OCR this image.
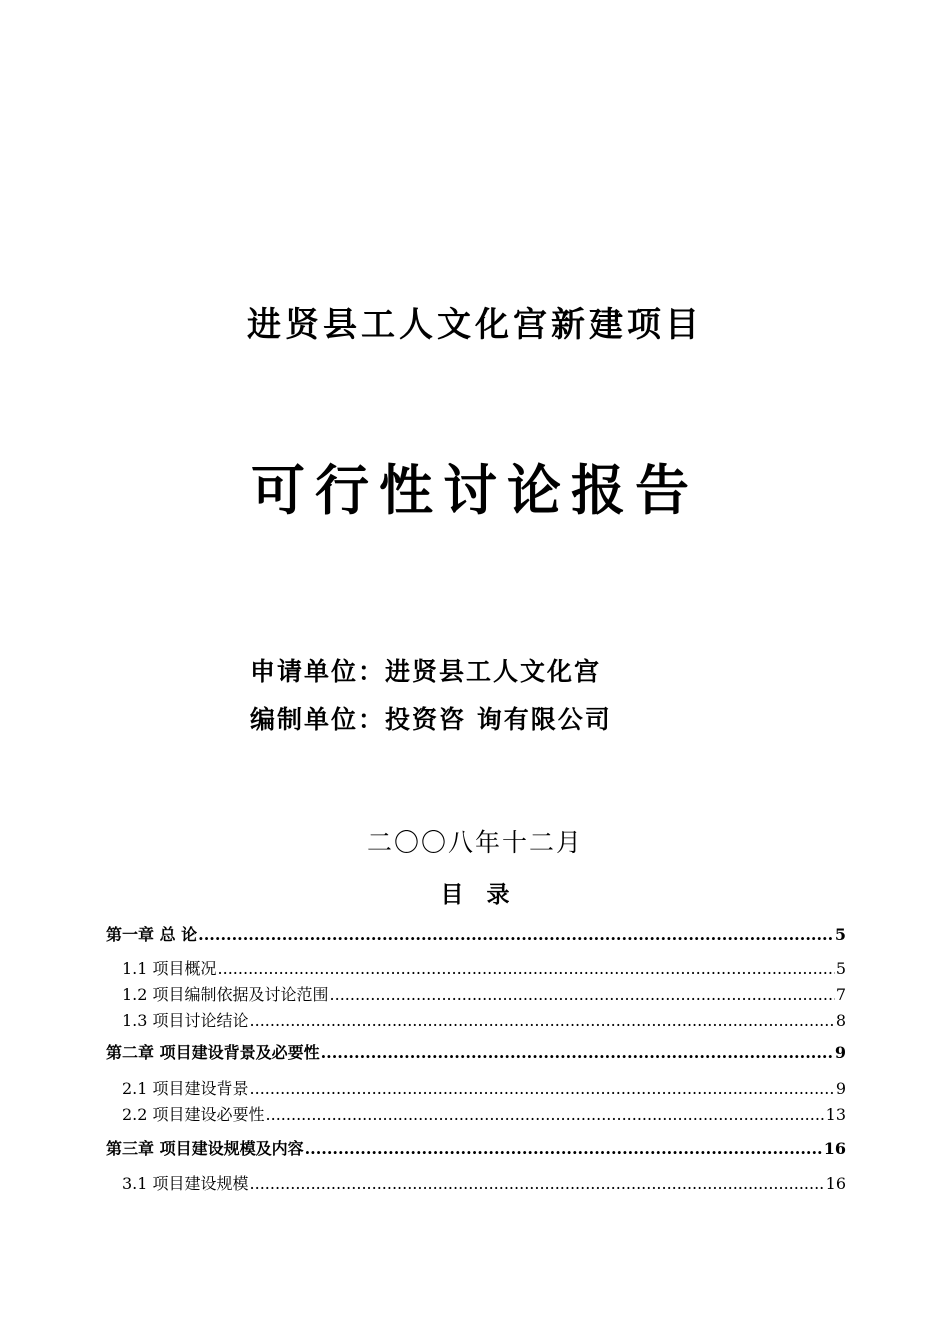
进贤县工人文化宫新建项目
可行性讨论报告
申请单位：进贤县工人文化宫
编制单位：投资咨 询有限公司
二〇〇八年十二月
目　录
第一章 总 论 .....	5
1.1 项目概况 .....	5
1.2 项目编制依据及讨论范围 .....	7
1.3 项目讨论结论 .....	8
第二章 项目建设背景及必要性 .....	9
2.1 项目建设背景 .....	9
2.2 项目建设必要性 .....	13
第三章 项目建设规模及内容 .....	16
3.1 项目建设规模 .....	16
